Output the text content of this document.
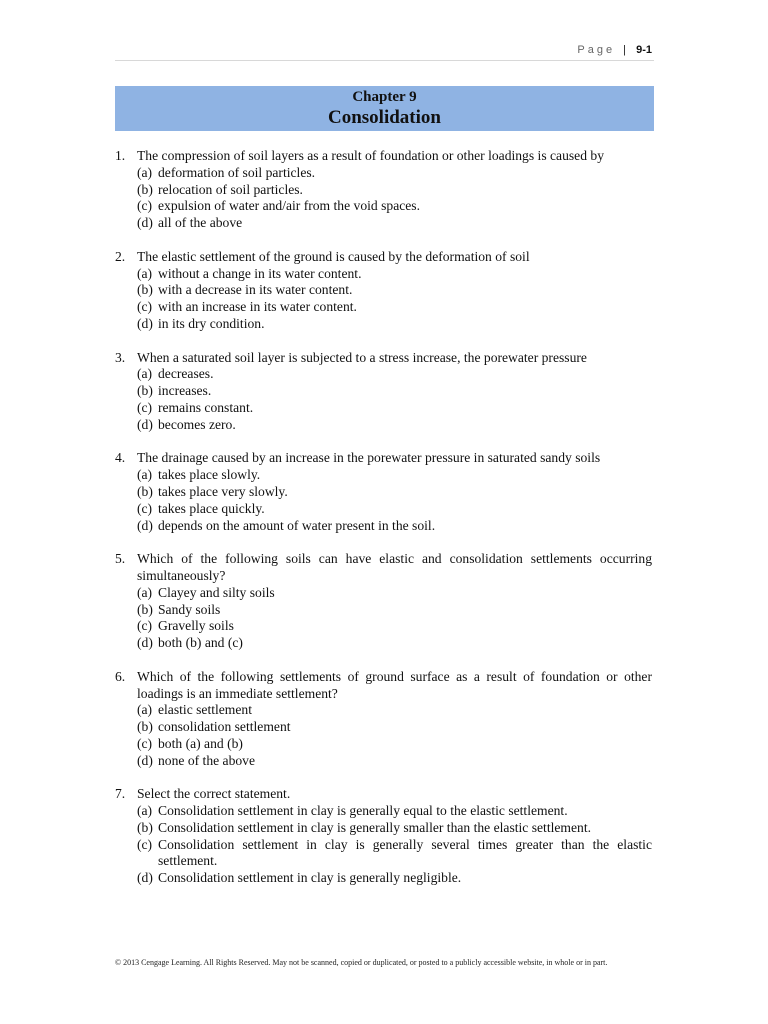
Page | 9-1
Chapter 9
Consolidation
1. The compression of soil layers as a result of foundation or other loadings is caused by
(a) deformation of soil particles.
(b) relocation of soil particles.
(c) expulsion of water and/air from the void spaces.
(d) all of the above
2. The elastic settlement of the ground is caused by the deformation of soil
(a) without a change in its water content.
(b) with a decrease in its water content.
(c) with an increase in its water content.
(d) in its dry condition.
3. When a saturated soil layer is subjected to a stress increase, the porewater pressure
(a) decreases.
(b) increases.
(c) remains constant.
(d) becomes zero.
4. The drainage caused by an increase in the porewater pressure in saturated sandy soils
(a) takes place slowly.
(b) takes place very slowly.
(c) takes place quickly.
(d) depends on the amount of water present in the soil.
5. Which of the following soils can have elastic and consolidation settlements occurring simultaneously?
(a) Clayey and silty soils
(b) Sandy soils
(c) Gravelly soils
(d) both (b) and (c)
6. Which of the following settlements of ground surface as a result of foundation or other loadings is an immediate settlement?
(a) elastic settlement
(b) consolidation settlement
(c) both (a) and (b)
(d) none of the above
7. Select the correct statement.
(a) Consolidation settlement in clay is generally equal to the elastic settlement.
(b) Consolidation settlement in clay is generally smaller than the elastic settlement.
(c) Consolidation settlement in clay is generally several times greater than the elastic settlement.
(d) Consolidation settlement in clay is generally negligible.
© 2013 Cengage Learning. All Rights Reserved. May not be scanned, copied or duplicated, or posted to a publicly accessible website, in whole or in part.
